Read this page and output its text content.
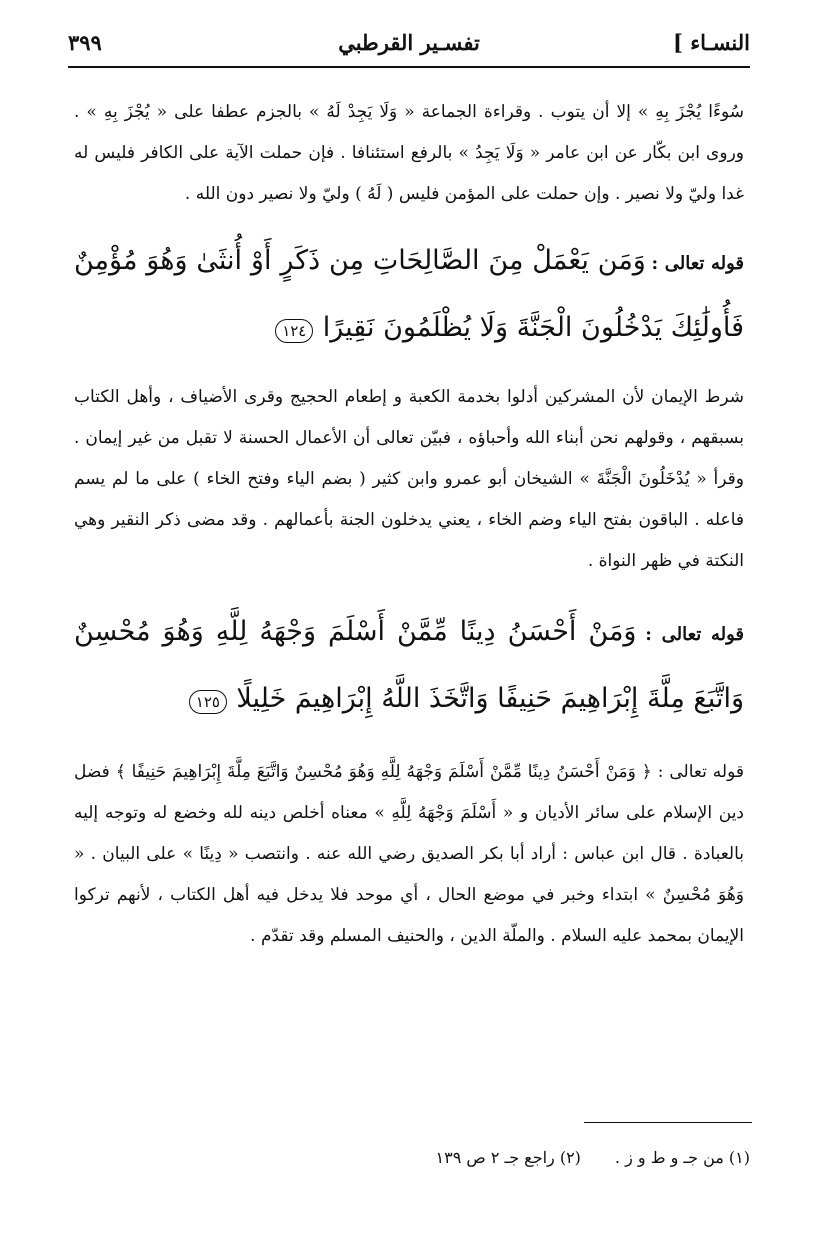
النسـاء ]
تفسـير القرطبي
٣٩٩

سُوءًا يُجْزَ بِهِ » إلا أن يتوب . وقراءة الجماعة « وَلَا يَجِدْ لَهُ » بالجزم عطفا على « يُجْزَ بِهِ » . وروى ابن بكّار عن ابن عامر « وَلَا يَجِدُ » بالرفع استئنافا . فإن حملت الآية على الكافر فليس له غدا وليّ ولا نصير . وإن حملت على المؤمن فليس ( لَهُ ) وليّ ولا نصير دون الله .

قوله تعالى : وَمَن يَعْمَلْ مِنَ الصَّالِحَاتِ مِن ذَكَرٍ أَوْ أُنثَىٰ وَهُوَ مُؤْمِنٌ فَأُولَٰئِكَ يَدْخُلُونَ الْجَنَّةَ وَلَا يُظْلَمُونَ نَقِيرًا ١٢٤

شرط الإيمان لأن المشركين أدلوا بخدمة الكعبة و إطعام الحجيج وقرى الأضياف ، وأهل الكتاب بسبقهم ، وقولهم نحن أبناء الله وأحباؤه ، فبيّن تعالى أن الأعمال الحسنة لا تقبل من غير إيمان . وقرأ « يُدْخَلُونَ الْجَنَّةَ » الشيخان أبو عمرو وابن كثير ( بضم الياء وفتح الخاء ) على ما لم يسم فاعله . الباقون بفتح الياء وضم الخاء ، يعني يدخلون الجنة بأعمالهم . وقد مضى ذكر النقير وهي النكتة في ظهر النواة .

قوله تعالى : وَمَنْ أَحْسَنُ دِينًا مِّمَّنْ أَسْلَمَ وَجْهَهُ لِلَّهِ وَهُوَ مُحْسِنٌ وَاتَّبَعَ مِلَّةَ إِبْرَاهِيمَ حَنِيفًا وَاتَّخَذَ اللَّهُ إِبْرَاهِيمَ خَلِيلًا ١٢٥

قوله تعالى : ﴿ وَمَنْ أَحْسَنُ دِينًا مِّمَّنْ أَسْلَمَ وَجْهَهُ لِلَّهِ وَهُوَ مُحْسِنٌ وَاتَّبَعَ مِلَّةَ إِبْرَاهِيمَ حَنِيفًا ﴾ فضل دين الإسلام على سائر الأديان و « أَسْلَمَ وَجْهَهُ لِلَّهِ » معناه أخلص دينه لله وخضع له وتوجه إليه بالعبادة . قال ابن عباس : أراد أبا بكر الصديق رضي الله عنه . وانتصب « دِينًا » على البيان . « وَهُوَ مُحْسِنٌ » ابتداء وخبر في موضع الحال ، أي موحد فلا يدخل فيه أهل الكتاب ، لأنهم تركوا الإيمان بمحمد عليه السلام . والملّة الدين ، والحنيف المسلم وقد تقدّم .

(١) من جـ و ط و ز .
(٢) راجع جـ ٢ ص ١٣٩
